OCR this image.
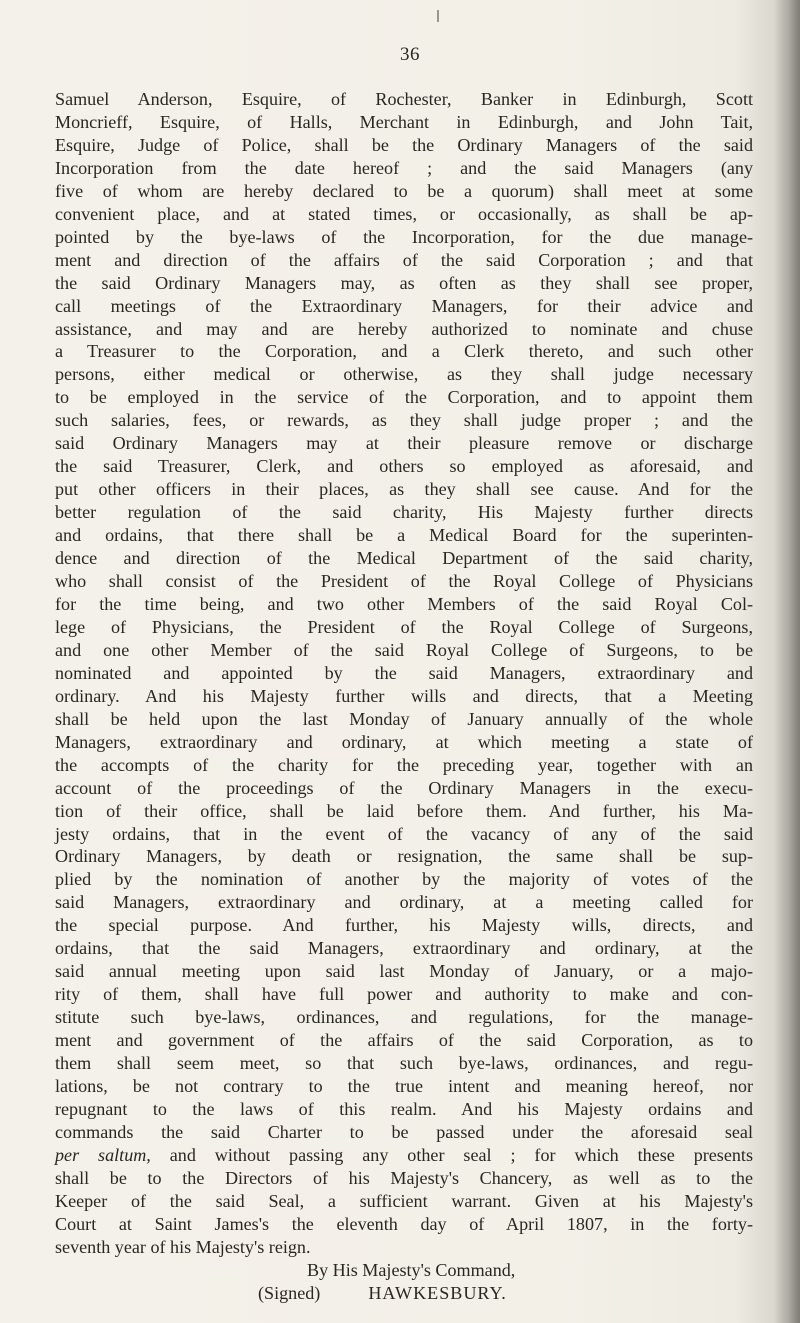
36
Samuel Anderson, Esquire, of Rochester, Banker in Edinburgh, Scott
Moncrieff, Esquire, of Halls, Merchant in Edinburgh, and John Tait,
Esquire, Judge of Police, shall be the Ordinary Managers of the said
Incorporation from the date hereof ; and the said Managers (any
five of whom are hereby declared to be a quorum) shall meet at some
convenient place, and at stated times, or occasionally, as shall be ap-
pointed by the bye-laws of the Incorporation, for the due manage-
ment and direction of the affairs of the said Corporation ; and that
the said Ordinary Managers may, as often as they shall see proper,
call meetings of the Extraordinary Managers, for their advice and
assistance, and may and are hereby authorized to nominate and chuse
a Treasurer to the Corporation, and a Clerk thereto, and such other
persons, either medical or otherwise, as they shall judge necessary
to be employed in the service of the Corporation, and to appoint them
such salaries, fees, or rewards, as they shall judge proper ; and the
said Ordinary Managers may at their pleasure remove or discharge
the said Treasurer, Clerk, and others so employed as aforesaid, and
put other officers in their places, as they shall see cause. And for the
better regulation of the said charity, His Majesty further directs
and ordains, that there shall be a Medical Board for the superinten-
dence and direction of the Medical Department of the said charity,
who shall consist of the President of the Royal College of Physicians
for the time being, and two other Members of the said Royal Col-
lege of Physicians, the President of the Royal College of Surgeons,
and one other Member of the said Royal College of Surgeons, to be
nominated and appointed by the said Managers, extraordinary and
ordinary. And his Majesty further wills and directs, that a Meeting
shall be held upon the last Monday of January annually of the whole
Managers, extraordinary and ordinary, at which meeting a state of
the accompts of the charity for the preceding year, together with an
account of the proceedings of the Ordinary Managers in the execu-
tion of their office, shall be laid before them. And further, his Ma-
jesty ordains, that in the event of the vacancy of any of the said
Ordinary Managers, by death or resignation, the same shall be sup-
plied by the nomination of another by the majority of votes of the
said Managers, extraordinary and ordinary, at a meeting called for
the special purpose. And further, his Majesty wills, directs, and
ordains, that the said Managers, extraordinary and ordinary, at the
said annual meeting upon said last Monday of January, or a majo-
rity of them, shall have full power and authority to make and con-
stitute such bye-laws, ordinances, and regulations, for the manage-
ment and government of the affairs of the said Corporation, as to
them shall seem meet, so that such bye-laws, ordinances, and regu-
lations, be not contrary to the true intent and meaning hereof, nor
repugnant to the laws of this realm. And his Majesty ordains and
commands the said Charter to be passed under the aforesaid seal
per saltum, and without passing any other seal ; for which these presents
shall be to the Directors of his Majesty's Chancery, as well as to the
Keeper of the said Seal, a sufficient warrant. Given at his Majesty's
Court at Saint James's the eleventh day of April 1807, in the forty-
seventh year of his Majesty's reign.
By His Majesty's Command,
(Signed)	HAWKESBURY.
